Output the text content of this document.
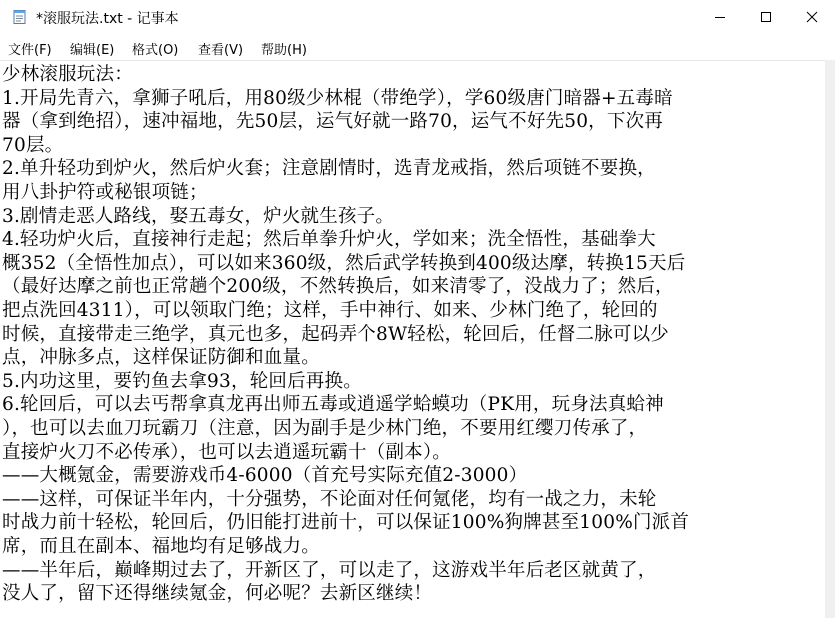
*滚服玩法.txt - 记事本
文件(F) 编辑(E) 格式(O) 查看(V) 帮助(H)
少林滚服玩法：
1.开局先青六，拿狮子吼后，用80级少林棍（带绝学），学60级唐门暗器+五毒暗
器（拿到绝招），速冲福地，先50层，运气好就一路70，运气不好先50，下次再
70层。
2.单升轻功到炉火，然后炉火套；注意剧情时，选青龙戒指，然后项链不要换，
用八卦护符或秘银项链；
3.剧情走恶人路线，娶五毒女，炉火就生孩子。
4.轻功炉火后，直接神行走起；然后单拳升炉火，学如来；洗全悟性，基础拳大
概352（全悟性加点），可以如来360级，然后武学转换到400级达摩，转换15天后
（最好达摩之前也正常趟个200级，不然转换后，如来清零了，没战力了；然后，
把点洗回4311），可以领取门绝；这样，手中神行、如来、少林门绝了，轮回的
时候，直接带走三绝学，真元也多，起码弄个8W轻松，轮回后，任督二脉可以少
点，冲脉多点，这样保证防御和血量。
5.内功这里，要钓鱼去拿93，轮回后再换。
6.轮回后，可以去丐帮拿真龙再出师五毒或逍遥学蛤蟆功（PK用，玩身法真蛤神
），也可以去血刀玩霸刀（注意，因为副手是少林门绝，不要用红缨刀传承了，
直接炉火刀不必传承），也可以去逍遥玩霸十（副本）。
——大概氪金，需要游戏币4-6000（首充号实际充值2-3000）
——这样，可保证半年内，十分强势，不论面对任何氪佬，均有一战之力，未轮
时战力前十轻松，轮回后，仍旧能打进前十，可以保证100%狗牌甚至100%门派首
席，而且在副本、福地均有足够战力。
——半年后，巅峰期过去了，开新区了，可以走了，这游戏半年后老区就黄了，
没人了，留下还得继续氪金，何必呢？去新区继续！
